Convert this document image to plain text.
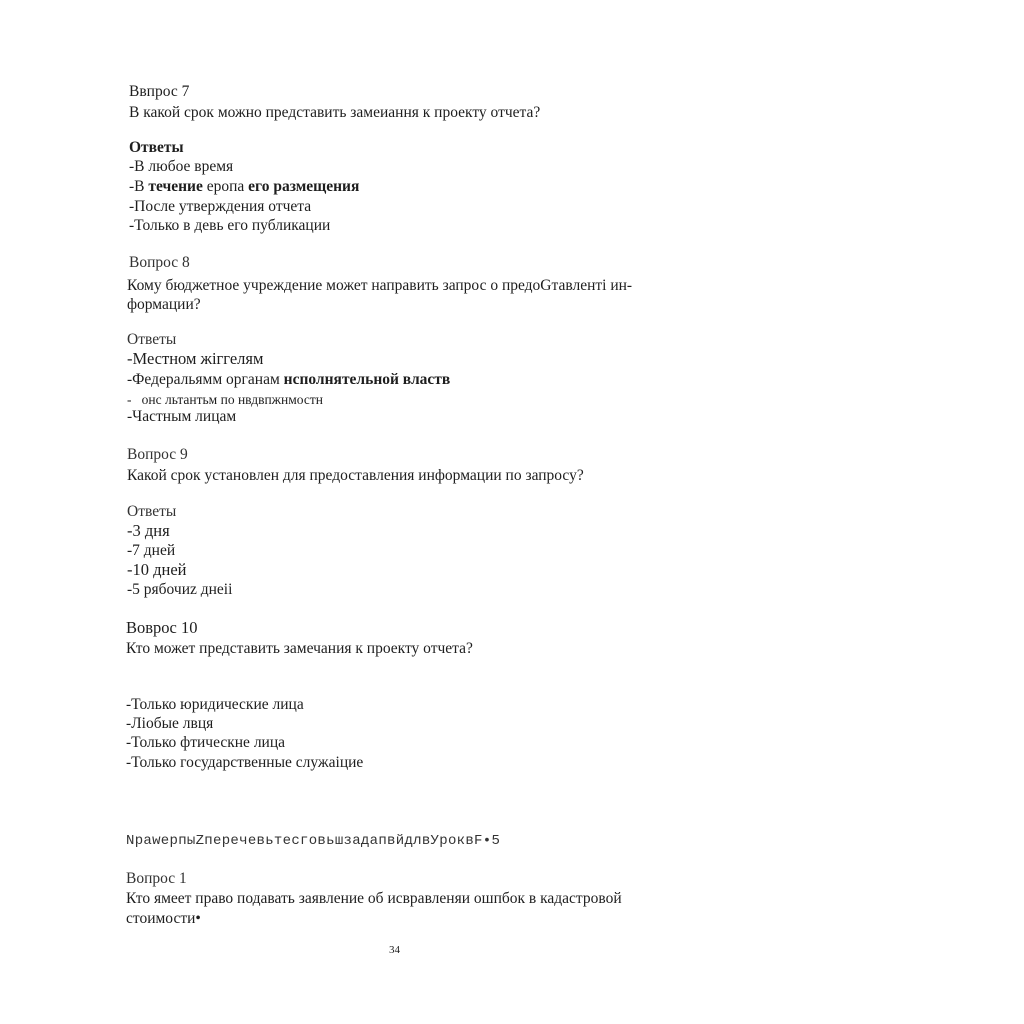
Ввпрос 7
В какой срок можно представить замеиання к проекту отчета?
Ответы
-В любое время
-В течение еропа его размещения
-После утверждения отчета
-Только в девь его публикации
Вопрос 8
Кому бюджетное учреждение может направить запрос о предоGтавлентi ин-
формации?
Ответы
-Местном жiггелям
-Федеральямм органам нсполнятельной властв
- онс льтантьм по нвдвпжнмостн
-Частным лицам
Вопрос 9
Какой срок установлен для предоставления информации по запросу?
Ответы
-3 дня
-7 дней
-10 дней
-5 рябочиz днеii
Вовроc 10
Кто может представить замечания к проекту отчета?
-Только юридические лица
-Лiобые лвця
-Только фтическне лица
-Только государственные служаiцие
NpawерпыZперечевьтесговьшзадапвйдлвУроквF•5
Вопрос 1
Кто ямеет право подавать заявление об исвравленяи ошпбок в кадастровой
стоимости•
34
